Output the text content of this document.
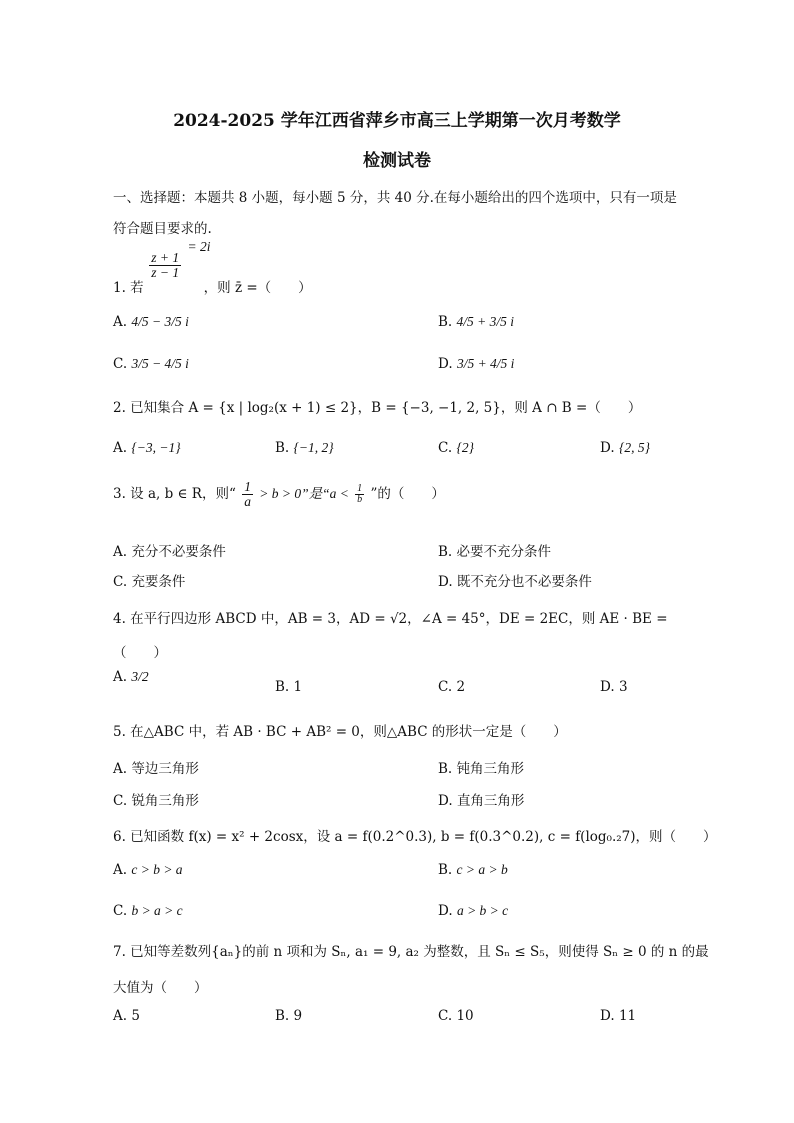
2024-2025 学年江西省萍乡市高三上学期第一次月考数学
检测试卷
一、选择题：本题共 8 小题，每小题 5 分，共 40 分.在每小题给出的四个选项中，只有一项是
符合题目要求的.

$\frac{z + 1}{z - 1}$
= 2i
1. 若	，则 z̄ =（　　）
A. 4/5 − 3/5 i	B. 4/5 + 3/5 i
C. 3/5 − 4/5 i	D. 3/5 + 4/5 i
2. 已知集合 A = {x | log₂(x + 1) ≤ 2}，B = {−3, −1, 2, 5}，则 A ∩ B =（　　）
A. {−3, −1}	B. {−1, 2}	C. {2}	D. {2, 5}
3. 设 a, b ∈ R，则“ $\frac{1}{a} > b > 0$”是“$a < \frac{1}{b}$ ”的（　　）
A. 充分不必要条件	B. 必要不充分条件
C. 充要条件	D. 既不充分也不必要条件
4. 在平行四边形 ABCD 中，AB = 3，AD = √2，∠A = 45°，DE = 2EC，则 AE · BE =
（　　）
A. 3/2
B. 1	C. 2	D. 3
5. 在△ABC 中，若 AB · BC + AB² = 0，则△ABC 的形状一定是（　　）
A. 等边三角形	B. 钝角三角形
C. 锐角三角形	D. 直角三角形
6. 已知函数 f(x) = x² + 2cosx，设 a = f(0.2^0.3), b = f(0.3^0.2), c = f(log₀.₂7)，则（　　）
A. c > b > a	B. c > a > b
C. b > a > c	D. a > b > c
7. 已知等差数列{aₙ}的前 n 项和为 Sₙ, a₁ = 9, a₂ 为整数，且 Sₙ ≤ S₅，则使得 Sₙ ≥ 0 的 n 的最
大值为（　　）
A. 5	B. 9	C. 10	D. 11
